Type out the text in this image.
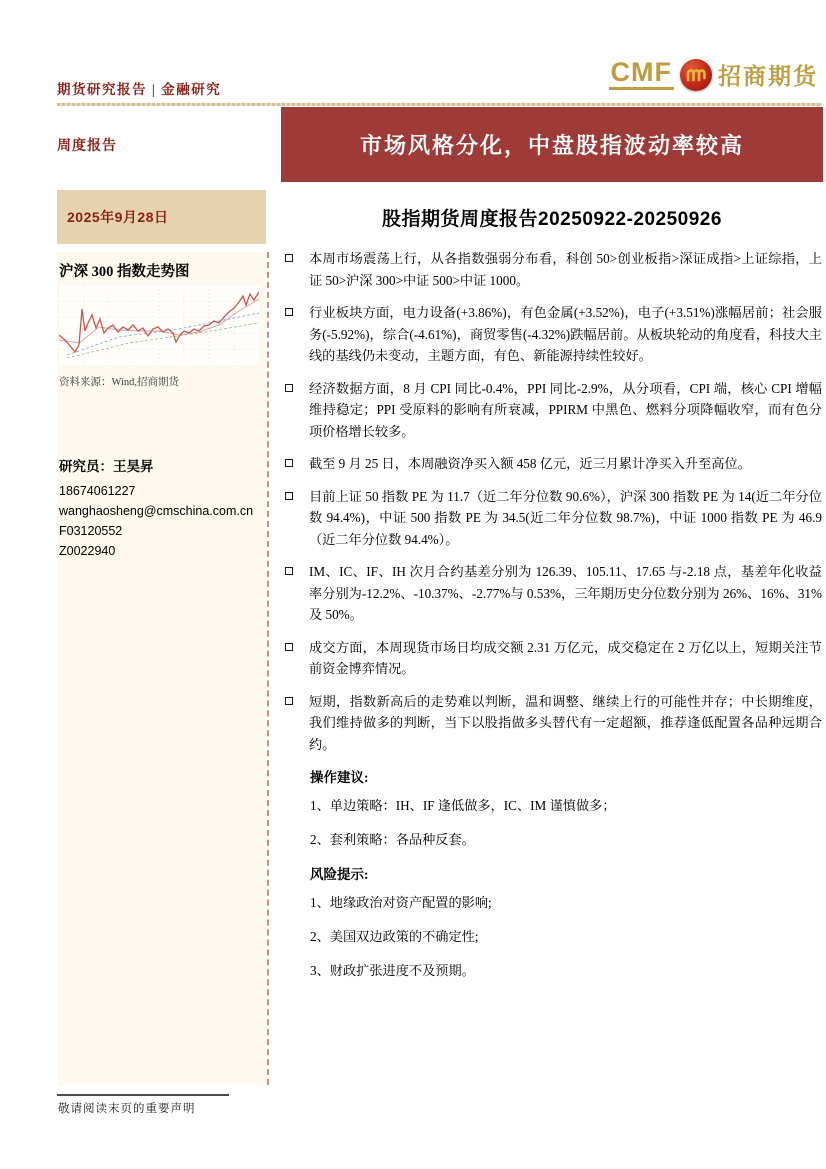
期货研究报告 | 金融研究
CMF 招商期货
周度报告	市场风格分化，中盘股指波动率较高
2025年9月28日	股指期货周度报告20250922-20250926
沪深 300 指数走势图
资料来源：Wind,招商期货
研究员：王昊昇
18674061227
wanghaosheng@cmschina.com.cn
F03120552
Z0022940
本周市场震荡上行，从各指数强弱分布看，科创 50>创业板指>深证成指>上证综指，上证 50>沪深 300>中证 500>中证 1000。
行业板块方面，电力设备(+3.86%)，有色金属(+3.52%)，电子(+3.51%)涨幅居前；社会服务(-5.92%)，综合(-4.61%)，商贸零售(-4.32%)跌幅居前。从板块轮动的角度看，科技大主线的基线仍未变动，主题方面，有色、新能源持续性较好。
经济数据方面，8 月 CPI 同比-0.4%，PPI 同比-2.9%，从分项看，CPI 端，核心 CPI 增幅维持稳定；PPI 受原料的影响有所衰减，PPIRM 中黑色、燃料分项降幅收窄，而有色分项价格增长较多。
截至 9 月 25 日，本周融资净买入额 458 亿元，近三月累计净买入升至高位。
目前上证 50 指数 PE 为 11.7（近二年分位数 90.6%），沪深 300 指数 PE 为 14(近二年分位数 94.4%)，中证 500 指数 PE 为 34.5(近二年分位数 98.7%)，中证 1000 指数 PE 为 46.9（近二年分位数 94.4%）。
IM、IC、IF、IH 次月合约基差分别为 126.39、105.11、17.65 与-2.18 点，基差年化收益率分别为-12.2%、-10.37%、-2.77%与 0.53%，三年期历史分位数分别为 26%、16%、31%及 50%。
成交方面，本周现货市场日均成交额 2.31 万亿元，成交稳定在 2 万亿以上，短期关注节前资金博弈情况。
短期，指数新高后的走势难以判断，温和调整、继续上行的可能性并存；中长期维度，我们维持做多的判断，当下以股指做多头替代有一定超额，推荐逢低配置各品种远期合约。
操作建议:
1、单边策略：IH、IF 逢低做多，IC、IM 谨慎做多；
2、套利策略：各品种反套。
风险提示:
1、地缘政治对资产配置的影响;
2、美国双边政策的不确定性;
3、财政扩张进度不及预期。
敬请阅读末页的重要声明
